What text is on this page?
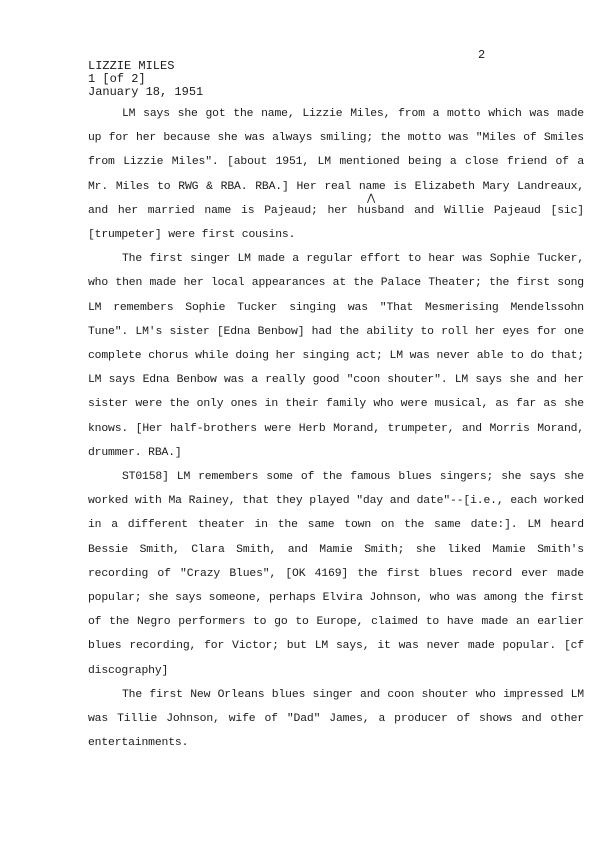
2
LIZZIE MILES
1 [of 2]
January 18, 1951
⋀

LM says she got the name, Lizzie Miles, from a motto which was made up for her because she was always smiling; the motto was "Miles of Smiles from Lizzie Miles". [about 1951, LM mentioned being a close friend of a Mr. Miles to RWG & RBA. RBA.] Her real name is Elizabeth Mary Landreaux, and her married name is Pajeaud; her husband and Willie Pajeaud [sic] [trumpeter] were first cousins.

The first singer LM made a regular effort to hear was Sophie Tucker, who then made her local appearances at the Palace Theater; the first song LM remembers Sophie Tucker singing was "That Mesmerising Mendelssohn Tune". LM's sister [Edna Benbow] had the ability to roll her eyes for one complete chorus while doing her singing act; LM was never able to do that; LM says Edna Benbow was a really good "coon shouter". LM says she and her sister were the only ones in their family who were musical, as far as she knows. [Her half-brothers were Herb Morand, trumpeter, and Morris Morand, drummer. RBA.]

ST0158] LM remembers some of the famous blues singers; she says she worked with Ma Rainey, that they played "day and date"--[i.e., each worked in a different theater in the same town on the same date:]. LM heard Bessie Smith, Clara Smith, and Mamie Smith; she liked Mamie Smith's recording of "Crazy Blues", [OK 4169] the first blues record ever made popular; she says someone, perhaps Elvira Johnson, who was among the first of the Negro performers to go to Europe, claimed to have made an earlier blues recording, for Victor; but LM says, it was never made popular. [cf discography]

The first New Orleans blues singer and coon shouter who impressed LM was Tillie Johnson, wife of "Dad" James, a producer of shows and other entertainments.
